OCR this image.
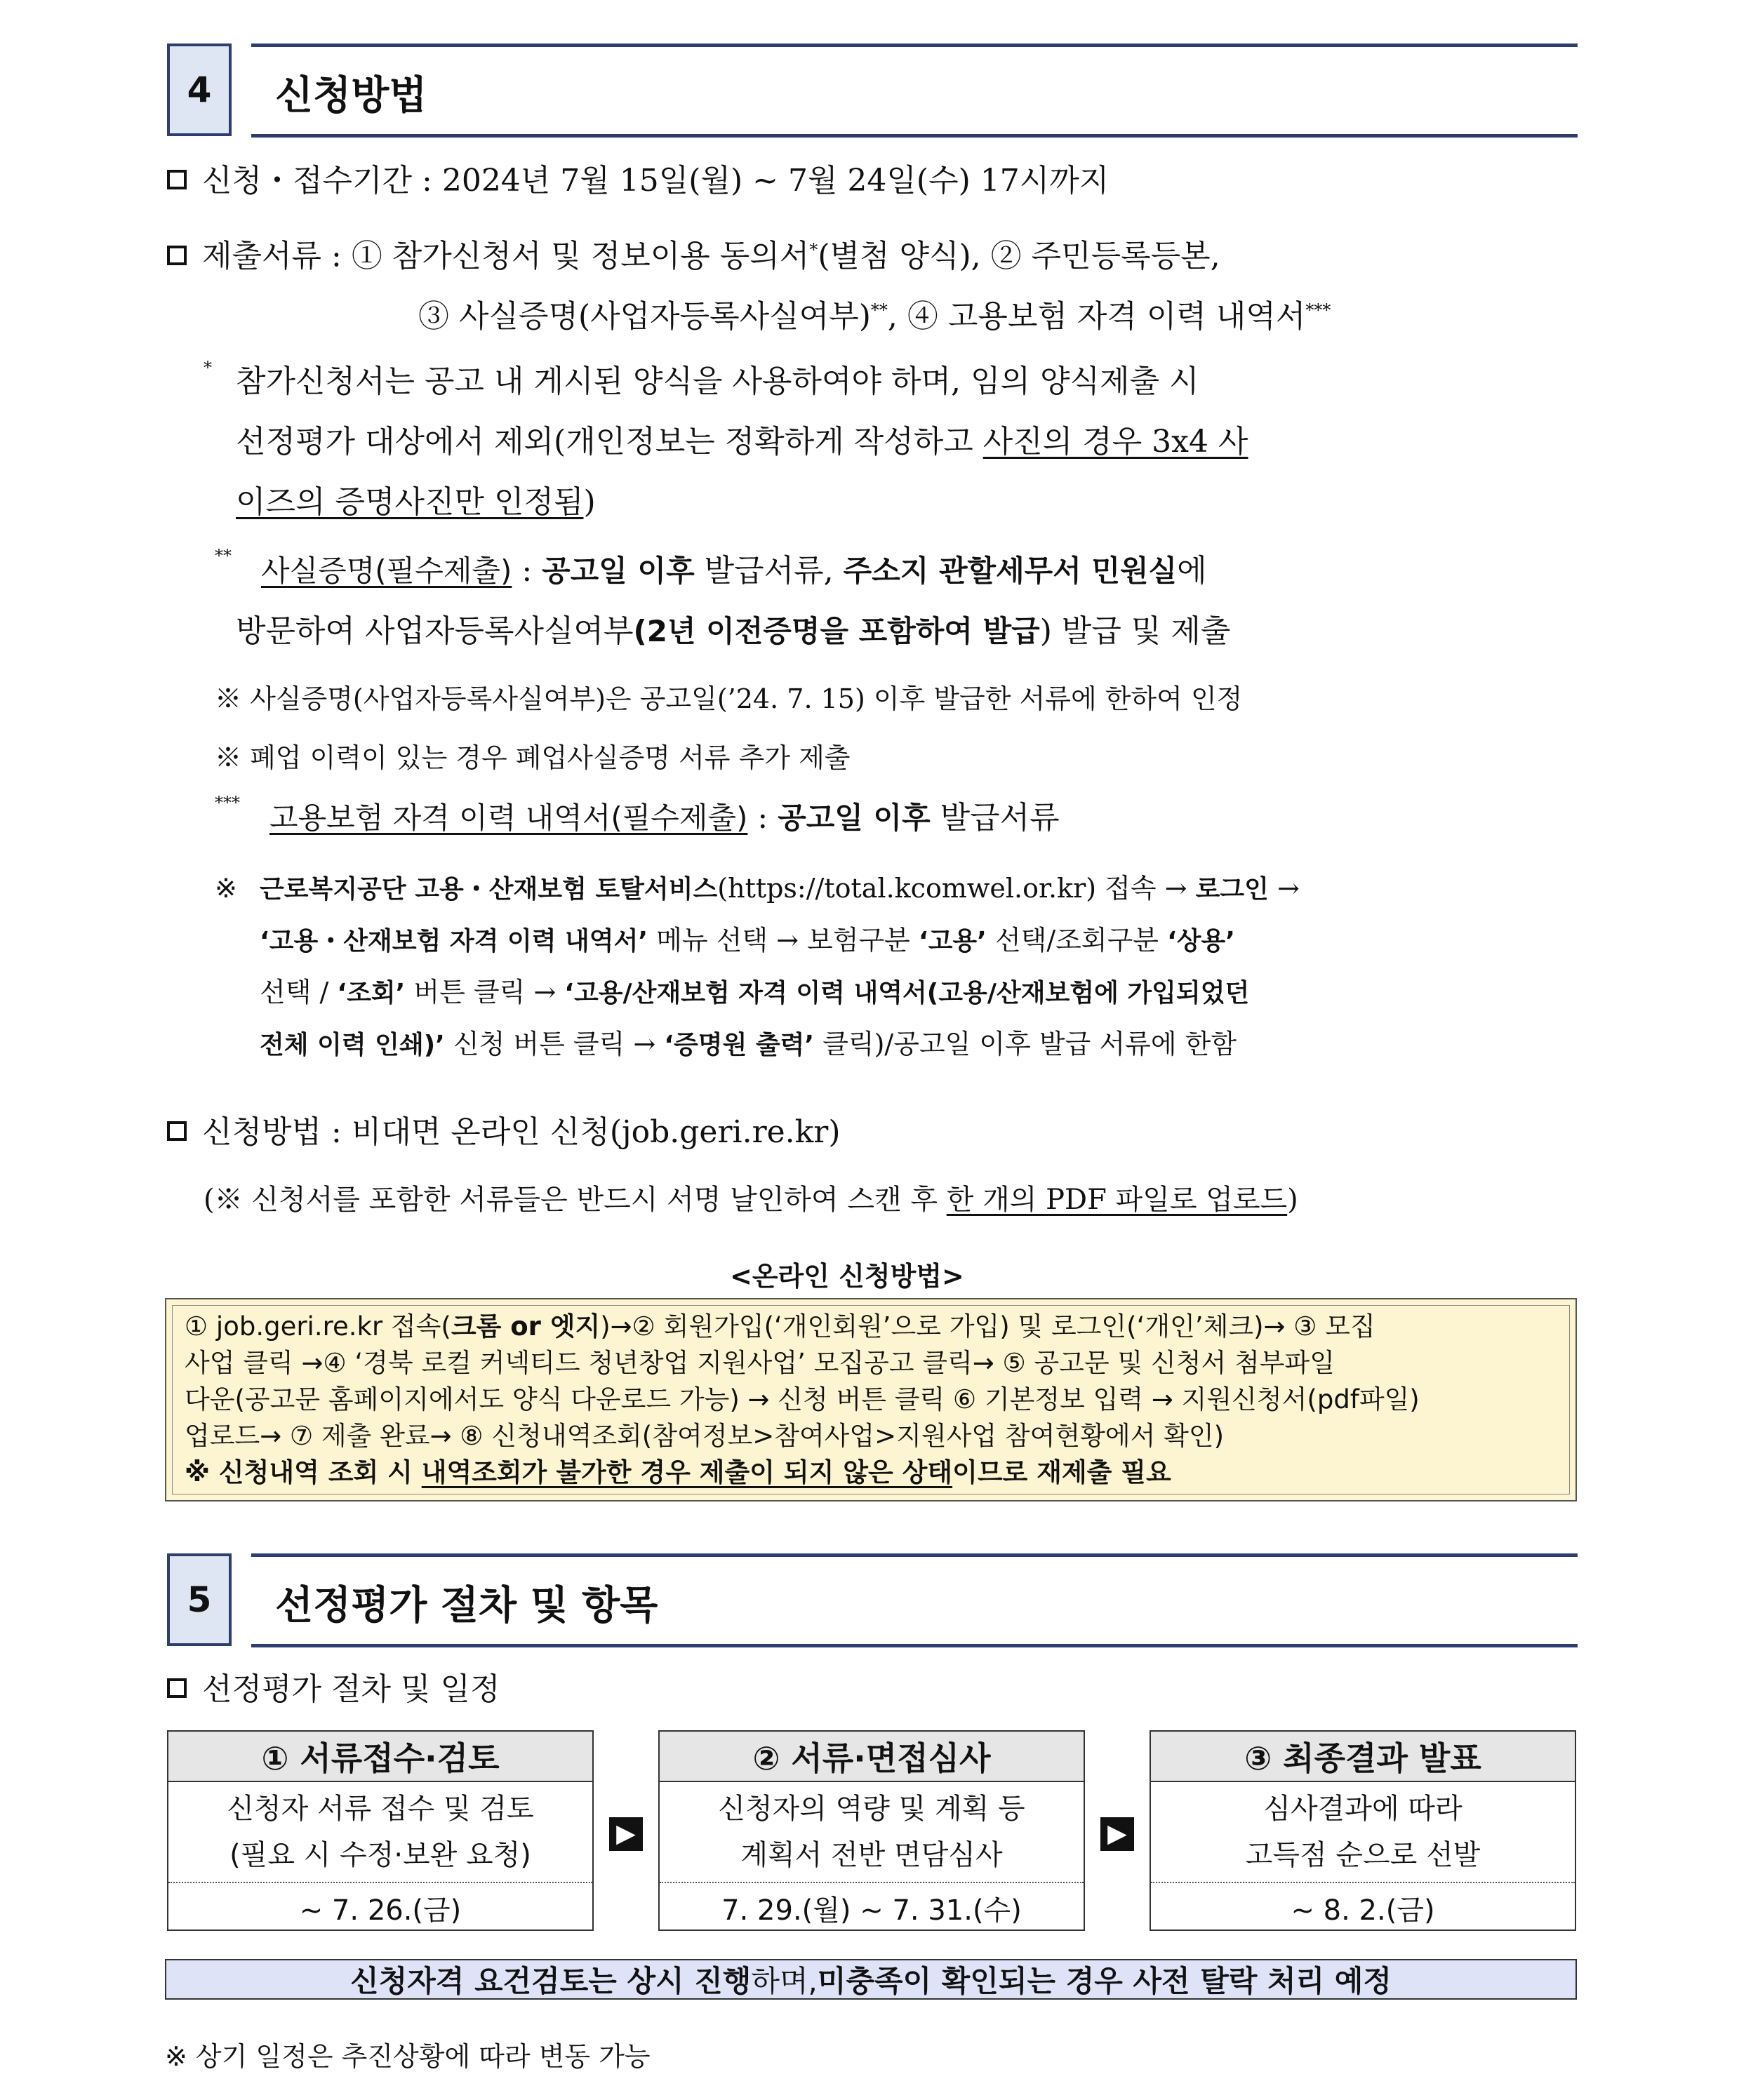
4	신청방법
신청・접수기간 : 2024년 7월 15일(월) ~ 7월 24일(수) 17시까지
제출서류 : ① 참가신청서 및 정보이용 동의서*(별첨 양식), ② 주민등록등본,
③ 사실증명(사업자등록사실여부)**, ④ 고용보험 자격 이력 내역서***
* 참가신청서는 공고 내 게시된 양식을 사용하여야 하며, 임의 양식제출 시
선정평가 대상에서 제외(개인정보는 정확하게 작성하고 사진의 경우 3x4 사
이즈의 증명사진만 인정됨)
** 사실증명(필수제출) : 공고일 이후 발급서류, 주소지 관할세무서 민원실에
방문하여 사업자등록사실여부(2년 이전증명을 포함하여 발급) 발급 및 제출
※ 사실증명(사업자등록사실여부)은 공고일(’24. 7. 15) 이후 발급한 서류에 한하여 인정
※ 폐업 이력이 있는 경우 폐업사실증명 서류 추가 제출
*** 고용보험 자격 이력 내역서(필수제출) : 공고일 이후 발급서류
※ 근로복지공단 고용・산재보험 토탈서비스(https://total.kcomwel.or.kr) 접속 → 로그인 →
‘고용・산재보험 자격 이력 내역서’ 메뉴 선택 → 보험구분 ‘고용’ 선택/조회구분 ‘상용’
선택 / ‘조회’ 버튼 클릭 → ‘고용/산재보험 자격 이력 내역서(고용/산재보험에 가입되었던
전체 이력 인쇄)’ 신청 버튼 클릭 → ‘증명원 출력’ 클릭)/공고일 이후 발급 서류에 한함
신청방법 : 비대면 온라인 신청(job.geri.re.kr)
(※ 신청서를 포함한 서류들은 반드시 서명 날인하여 스캔 후 한 개의 PDF 파일로 업로드)
<온라인 신청방법>
① job.geri.re.kr 접속(크롬 or 엣지)→② 회원가입(‘개인회원’으로 가입) 및 로그인(‘개인’체크)→ ③ 모집
사업 클릭 →④ ‘경북 로컬 커넥티드 청년창업 지원사업’ 모집공고 클릭→ ⑤ 공고문 및 신청서 첨부파일
다운(공고문 홈페이지에서도 양식 다운로드 가능) → 신청 버튼 클릭 ⑥ 기본정보 입력 → 지원신청서(pdf파일)
업로드→ ⑦ 제출 완료→ ⑧ 신청내역조회(참여정보>참여사업>지원사업 참여현황에서 확인)
※ 신청내역 조회 시 내역조회가 불가한 경우 제출이 되지 않은 상태이므로 재제출 필요
5	선정평가 절차 및 항목
선정평가 절차 및 일정
① 서류접수·검토
신청자 서류 접수 및 검토
(필요 시 수정·보완 요청)
~ 7. 26.(금)
▶
② 서류·면접심사
신청자의 역량 및 계획 등
계획서 전반 면담심사
7. 29.(월) ~ 7. 31.(수)
▶
③ 최종결과 발표
심사결과에 따라
고득점 순으로 선발
~ 8. 2.(금)
신청자격 요건검토는 상시 진행 하며, 미충족이 확인되는 경우 사전 탈락 처리 예정
※ 상기 일정은 추진상황에 따라 변동 가능
